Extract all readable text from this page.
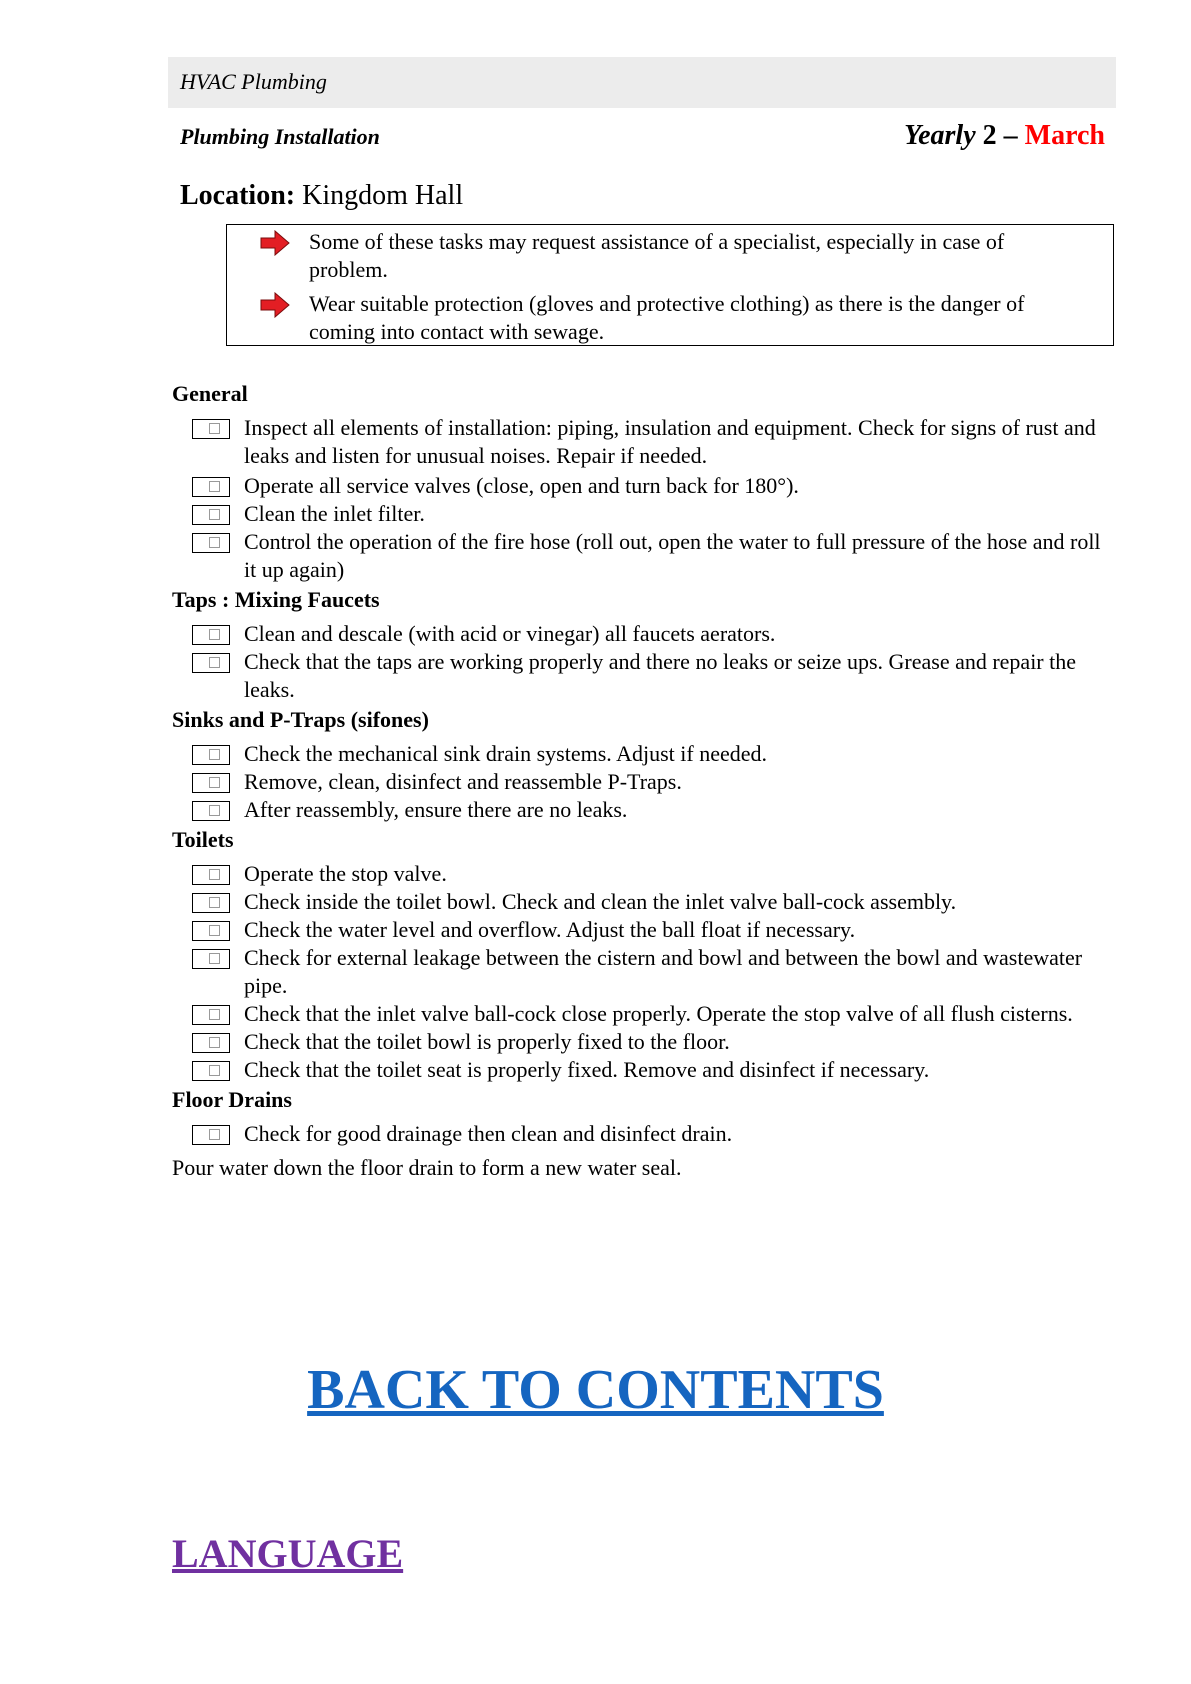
HVAC Plumbing
Plumbing Installation	Yearly 2 – March
Location: Kingdom Hall
Some of these tasks may request assistance of a specialist, especially in case of problem.
Wear suitable protection (gloves and protective clothing) as there is the danger of coming into contact with sewage.

General

Inspect all elements of installation: piping, insulation and equipment. Check for signs of rust and leaks and listen for unusual noises. Repair if needed.
Operate all service valves (close, open and turn back for 180°).
Clean the inlet filter.
Control the operation of the fire hose (roll out, open the water to full pressure of the hose and roll it up again)

Taps : Mixing Faucets

Clean and descale (with acid or vinegar) all faucets aerators.
Check that the taps are working properly and there no leaks or seize ups. Grease and repair the leaks.

Sinks and P-Traps (sifones)

Check the mechanical sink drain systems. Adjust if needed.
Remove, clean, disinfect and reassemble P-Traps.
After reassembly, ensure there are no leaks.

Toilets

Operate the stop valve.
Check inside the toilet bowl. Check and clean the inlet valve ball-cock assembly.
Check the water level and overflow. Adjust the ball float if necessary.
Check for external leakage between the cistern and bowl and between the bowl and wastewater pipe.
Check that the inlet valve ball-cock close properly. Operate the stop valve of all flush cisterns.
Check that the toilet bowl is properly fixed to the floor.
Check that the toilet seat is properly fixed. Remove and disinfect if necessary.

Floor Drains

Check for good drainage then clean and disinfect drain.

Pour water down the floor drain to form a new water seal.

BACK TO CONTENTS
LANGUAGE
